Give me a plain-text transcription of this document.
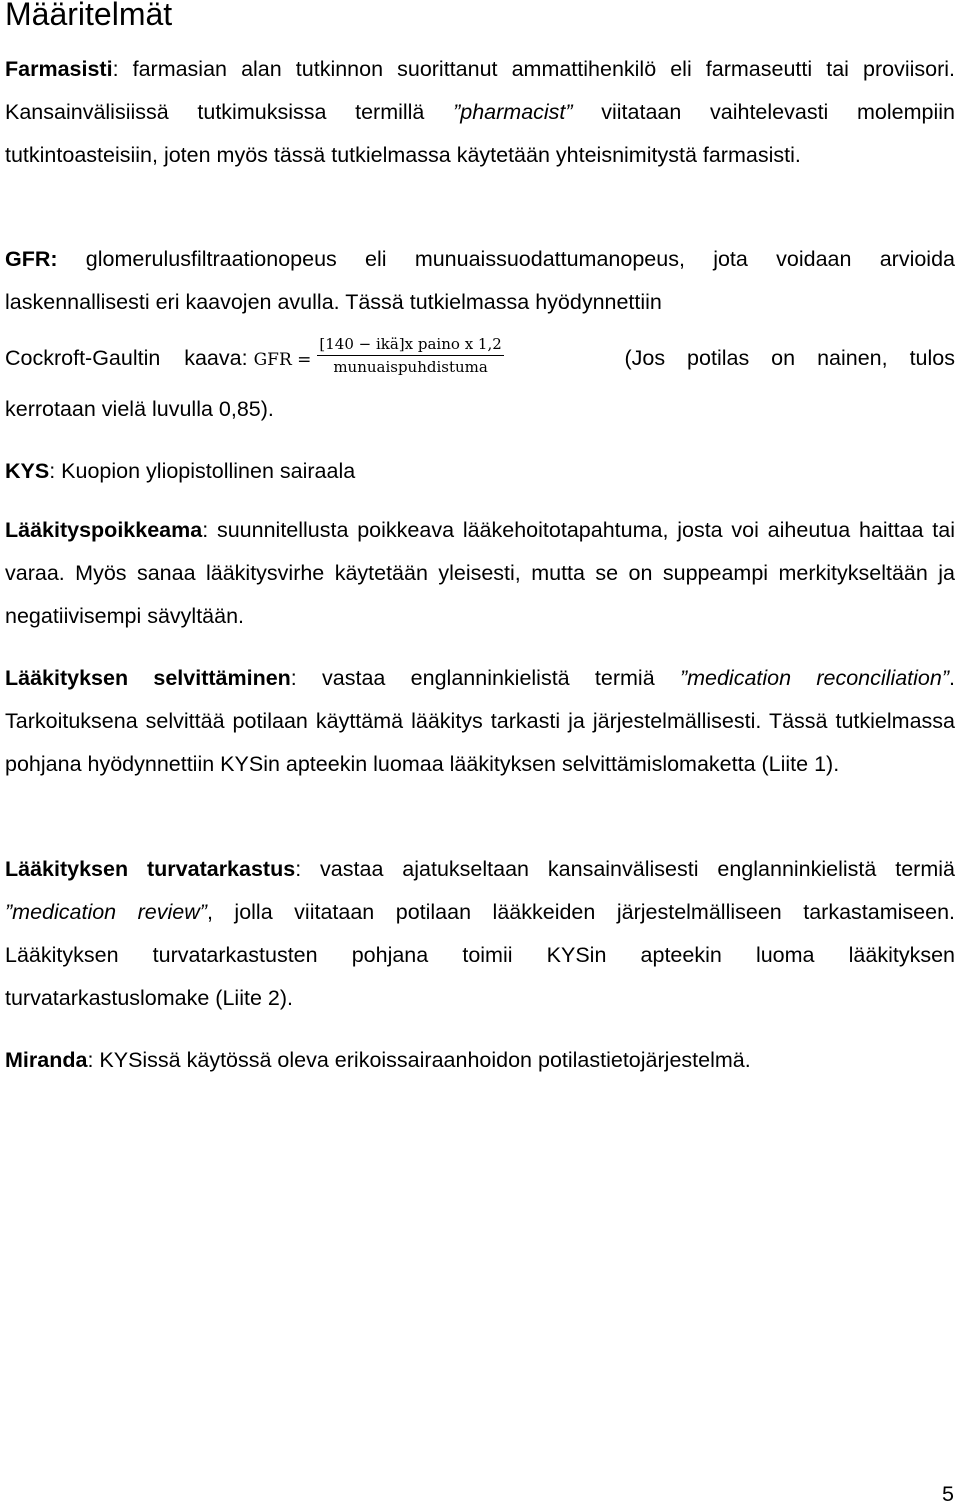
Määritelmät

Farmasisti: farmasian alan tutkinnon suorittanut ammattihenkilö eli farmaseutti tai proviisori. Kansainvälisiissä tutkimuksissa termillä ”pharmacist” viitataan vaihtelevasti molempiin tutkintoasteisiin, joten myös tässä tutkielmassa käytetään yhteisnimitystä farmasisti.

GFR: glomerulusfiltraationopeus eli munuaissuodattumanopeus, jota voidaan arvioida laskennallisesti eri kaavojen avulla. Tässä tutkielmassa hyödynnettiin

Cockroft-Gaultin    kaava: GFR = $\frac{\text{[140 − ikä]x paino x 1,2}}{\text{munuaispuhdistuma}}$	(Jos potilas on nainen, tulos

kerrotaan vielä luvulla 0,85).

KYS: Kuopion yliopistollinen sairaala

Lääkityspoikkeama: suunnitellusta poikkeava lääkehoitotapahtuma, josta voi aiheutua haittaa tai varaa. Myös sanaa lääkitysvirhe käytetään yleisesti, mutta se on suppeampi merkitykseltään ja negatiivisempi sävyltään.

Lääkityksen selvittäminen: vastaa englanninkielistä termiä ”medication reconciliation”. Tarkoituksena selvittää potilaan käyttämä lääkitys tarkasti ja järjestelmällisesti. Tässä tutkielmassa pohjana hyödynnettiin KYSin apteekin luomaa lääkityksen selvittämislomaketta (Liite 1).

Lääkityksen turvatarkastus: vastaa ajatukseltaan kansainvälisesti englanninkielistä termiä ”medication review”, jolla viitataan potilaan lääkkeiden järjestelmälliseen tarkastamiseen. Lääkityksen turvatarkastusten pohjana toimii KYSin apteekin luoma lääkityksen turvatarkastuslomake (Liite 2).

Miranda: KYSissä käytössä oleva erikoissairaanhoidon potilastietojärjestelmä.

5
